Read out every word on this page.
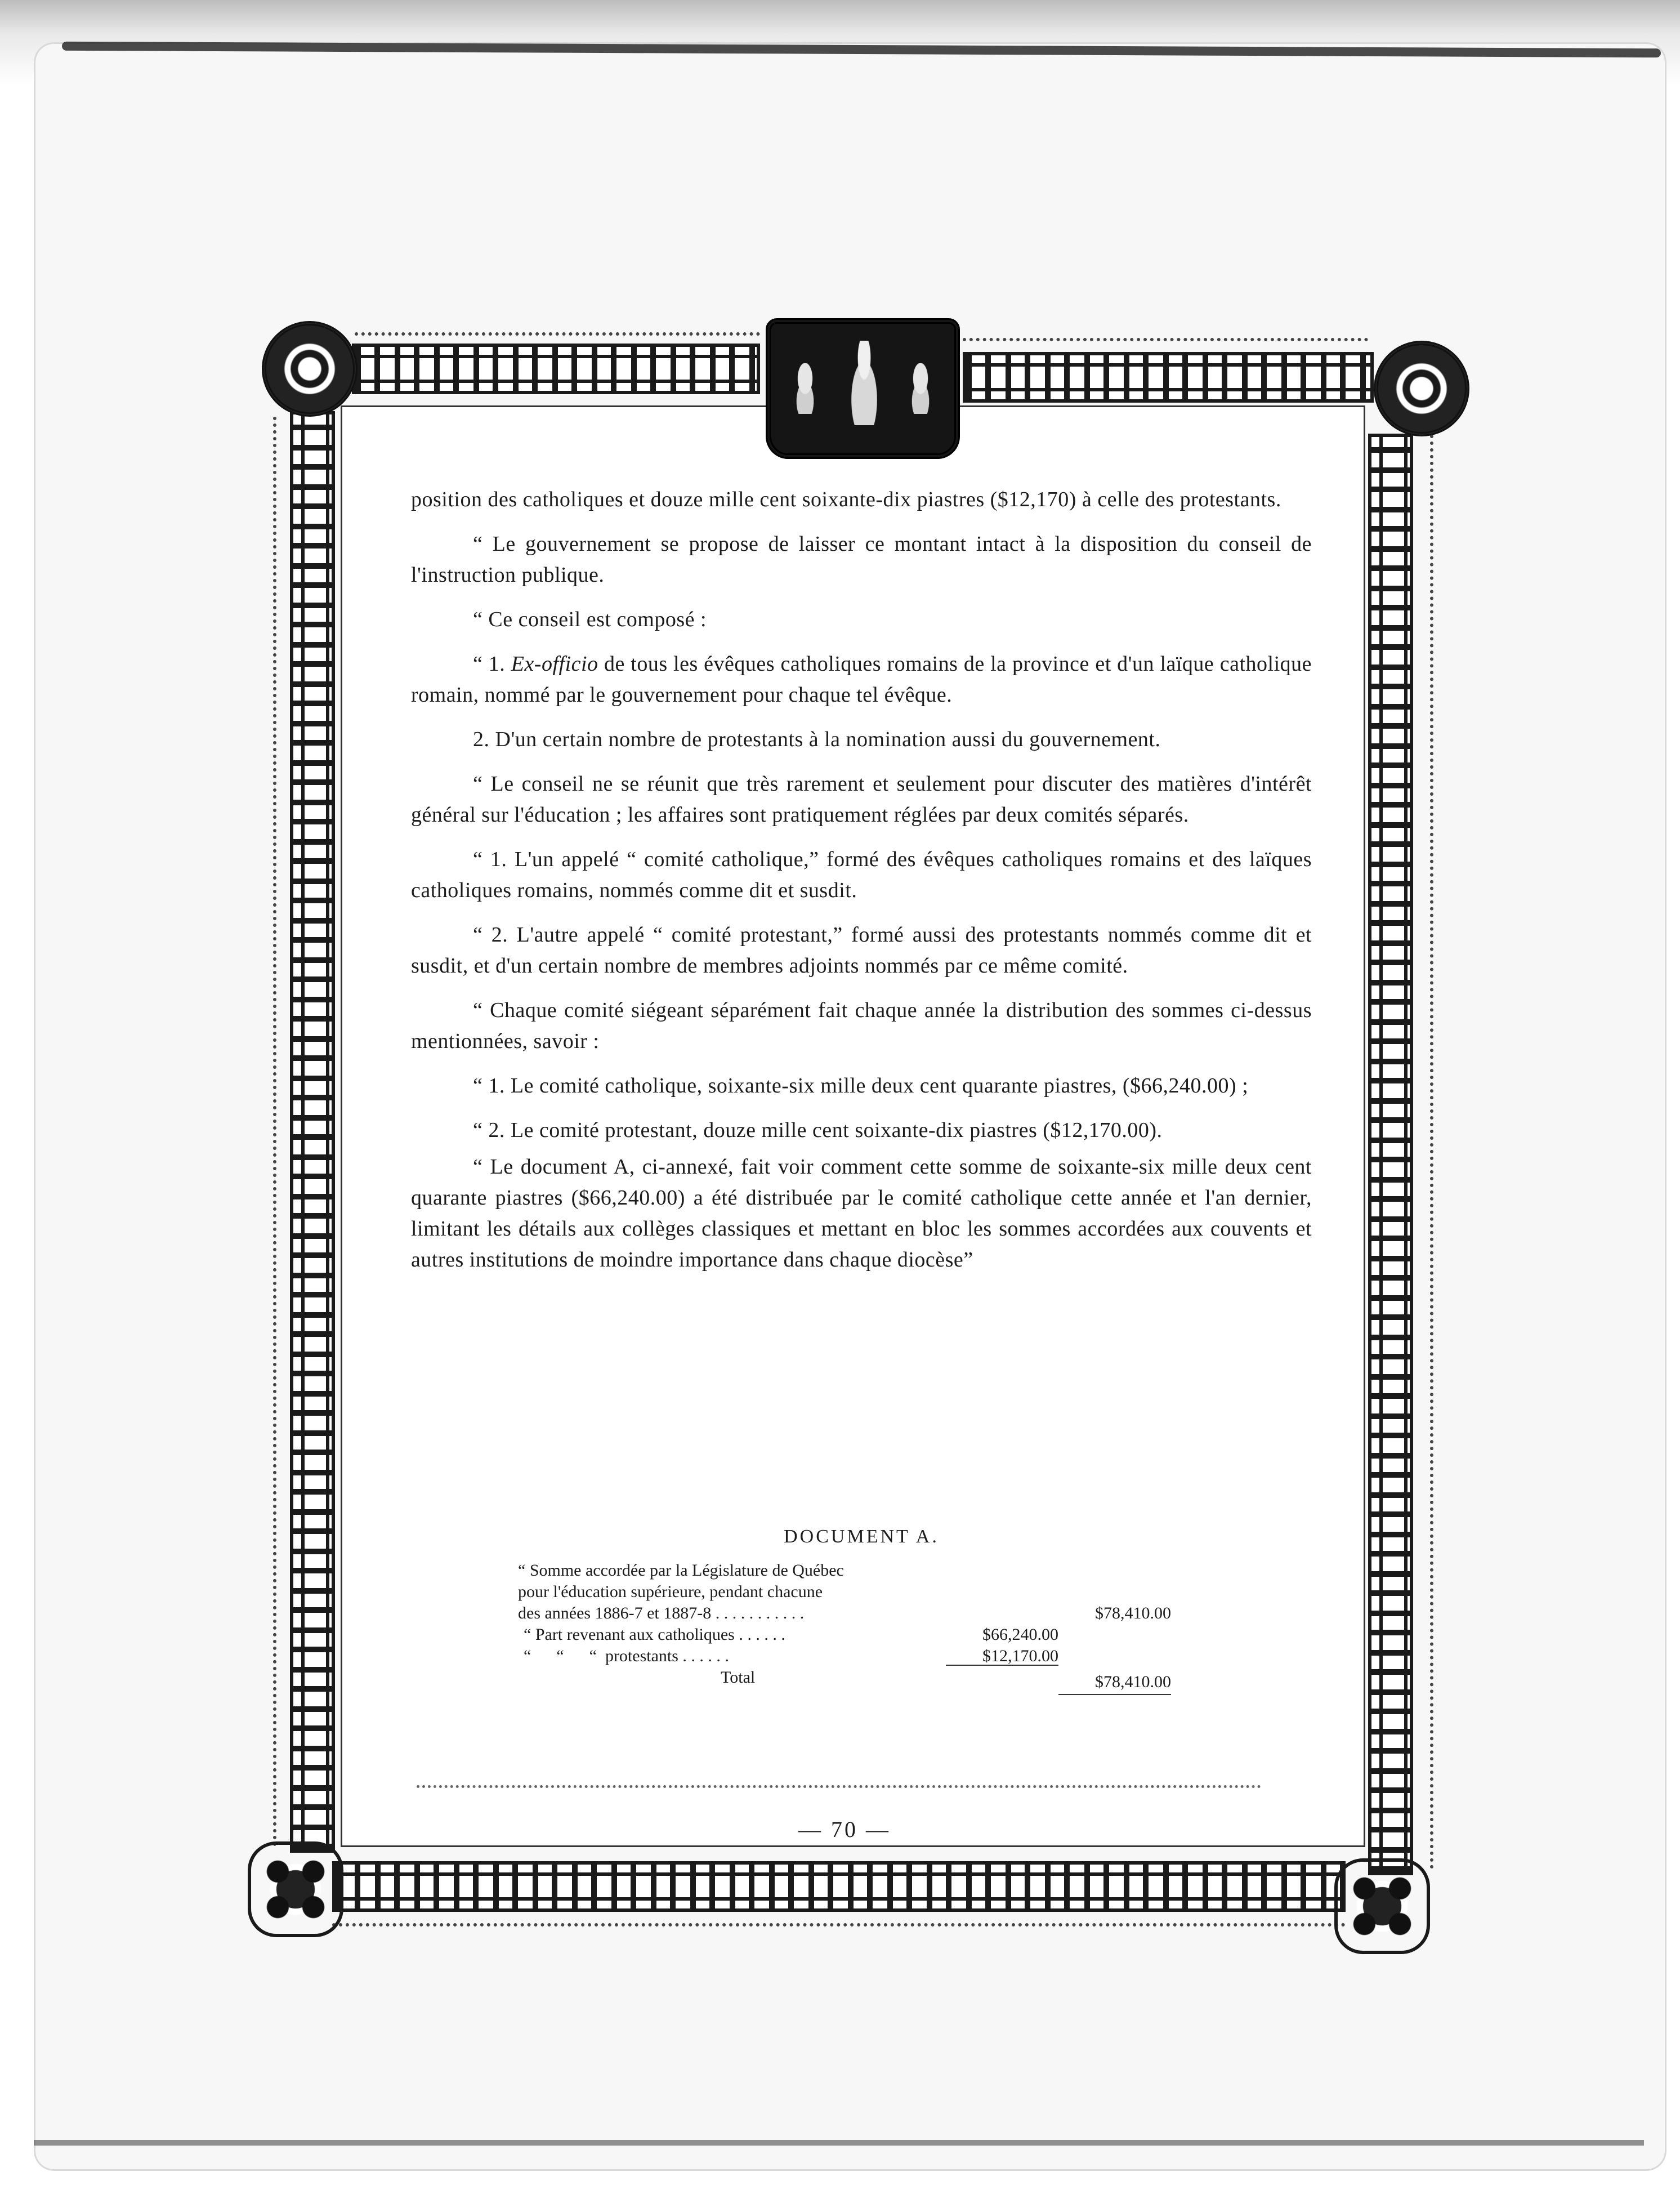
position des catholiques et douze mille cent soixante-dix piastres ($12,170) à celle des protestants.

“ Le gouvernement se propose de laisser ce montant intact à la disposition du conseil de l'instruction publique.

“ Ce conseil est composé :

“ 1. Ex-officio de tous les évêques catholiques romains de la province et d'un laïque catholique romain, nommé par le gouvernement pour chaque tel évêque.

2. D'un certain nombre de protestants à la nomination aussi du gouvernement.

“ Le conseil ne se réunit que très rarement et seulement pour discuter des matières d'intérêt général sur l'éducation ; les affaires sont pratiquement réglées par deux comités séparés.

“ 1. L'un appelé “ comité catholique,” formé des évêques catholiques romains et des laïques catholiques romains, nommés comme dit et susdit.

“ 2. L'autre appelé “ comité protestant,” formé aussi des protestants nommés comme dit et susdit, et d'un certain nombre de membres adjoints nommés par ce même comité.

“ Chaque comité siégeant séparément fait chaque année la distribution des sommes ci-dessus mentionnées, savoir :

“ 1. Le comité catholique, soixante-six mille deux cent quarante piastres, ($66,240.00) ;

“ 2. Le comité protestant, douze mille cent soixante-dix piastres ($12,170.00).

“ Le document A, ci-annexé, fait voir comment cette somme de soixante-six mille deux cent quarante piastres ($66,240.00) a été distribuée par le comité catholique cette année et l'an dernier, limitant les détails aux collèges classiques et mettant en bloc les sommes accordées aux couvents et autres institutions de moindre importance dans chaque diocèse”

DOCUMENT A.
“ Somme accordée par la Législature de Québec
pour l'éducation supérieure, pendant chacune
des années 1886-7 et 1887-8 . . . . . . . . . . .	$78,410.00
“ Part revenant aux catholiques . . . . . .	$66,240.00
“      “      “  protestants . . . . . .	$12,170.00
Total	$78,410.00
— 70 —
